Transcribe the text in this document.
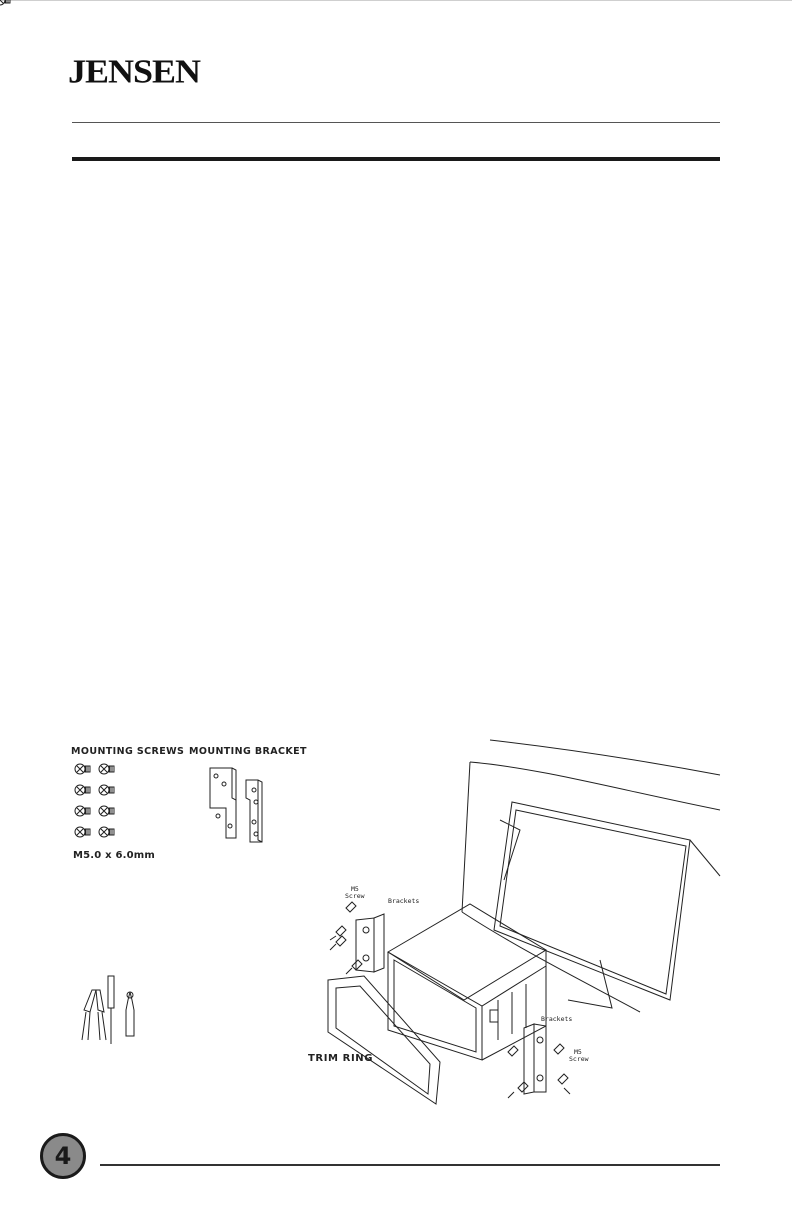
JENSEN
MOUNTING SCREWS MOUNTING BRACKET
M5.0 x 6.0mm
M5
Screw
Brackets
Brackets
M5
Screw
TRIM RING
4
